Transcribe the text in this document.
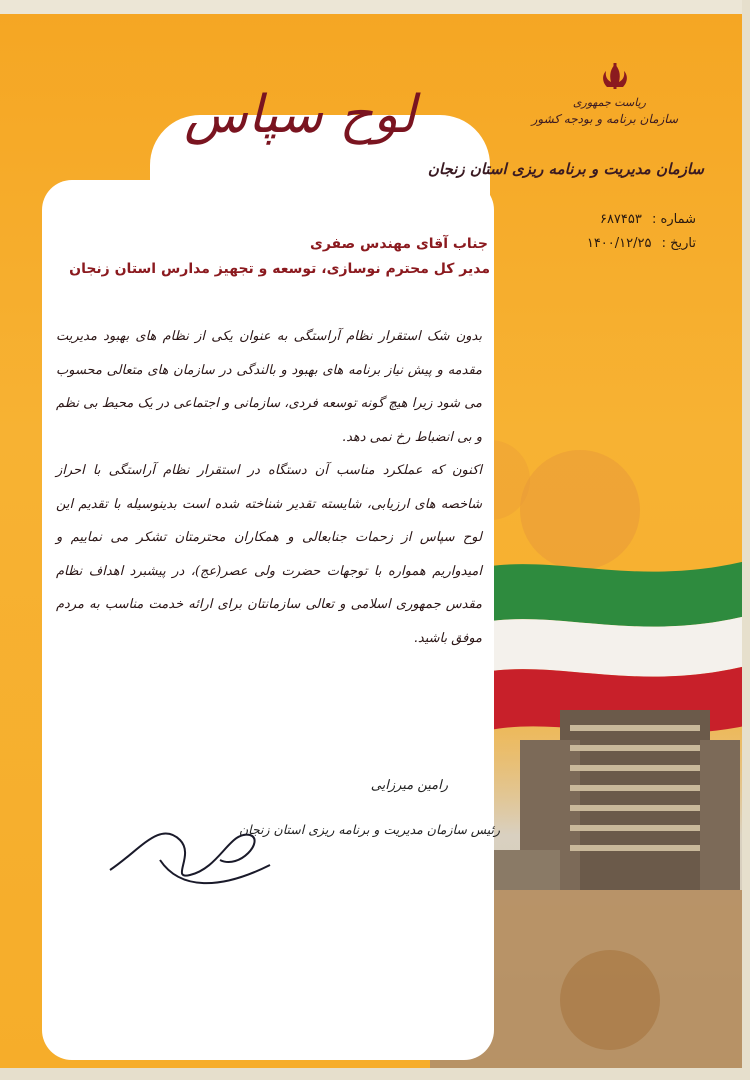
لوح سپاس	ریاست جمهوری
سازمان برنامه و بودجه کشور
سازمان مدیریت و برنامه ریزی استان زنجان
شماره : ۶۸۷۴۵۳
تاریخ : ۱۴۰۰/۱۲/۲۵
جناب آقای مهندس صفری
مدیر کل محترم نوسازی، توسعه و تجهیز مدارس استان زنجان

بدون شک استقرار نظام آراستگی به عنوان یکی از نظام های بهبود مدیریت مقدمه و پیش نیاز برنامه های بهبود و بالندگی در سازمان های متعالی محسوب می شود زیرا هیچ گونه توسعه فردی، سازمانی و اجتماعی در یک محیط بی نظم و بی انضباط رخ نمی دهد.

اکنون که عملکرد مناسب آن دستگاه در استقرار نظام آراستگی با احراز شاخصه های ارزیابی، شایسته تقدیر شناخته شده است بدینوسیله با تقدیم این لوح سپاس از زحمات جنابعالی و همکاران محترمتان تشکر می نماییم و امیدواریم همواره با توجهات حضرت ولی عصر(عج)، در پیشبرد اهداف نظام مقدس جمهوری اسلامی و تعالی سازمانتان برای ارائه خدمت مناسب به مردم موفق باشید.

رامین میرزایی
رئیس سازمان مدیریت و برنامه ریزی استان زنجان
